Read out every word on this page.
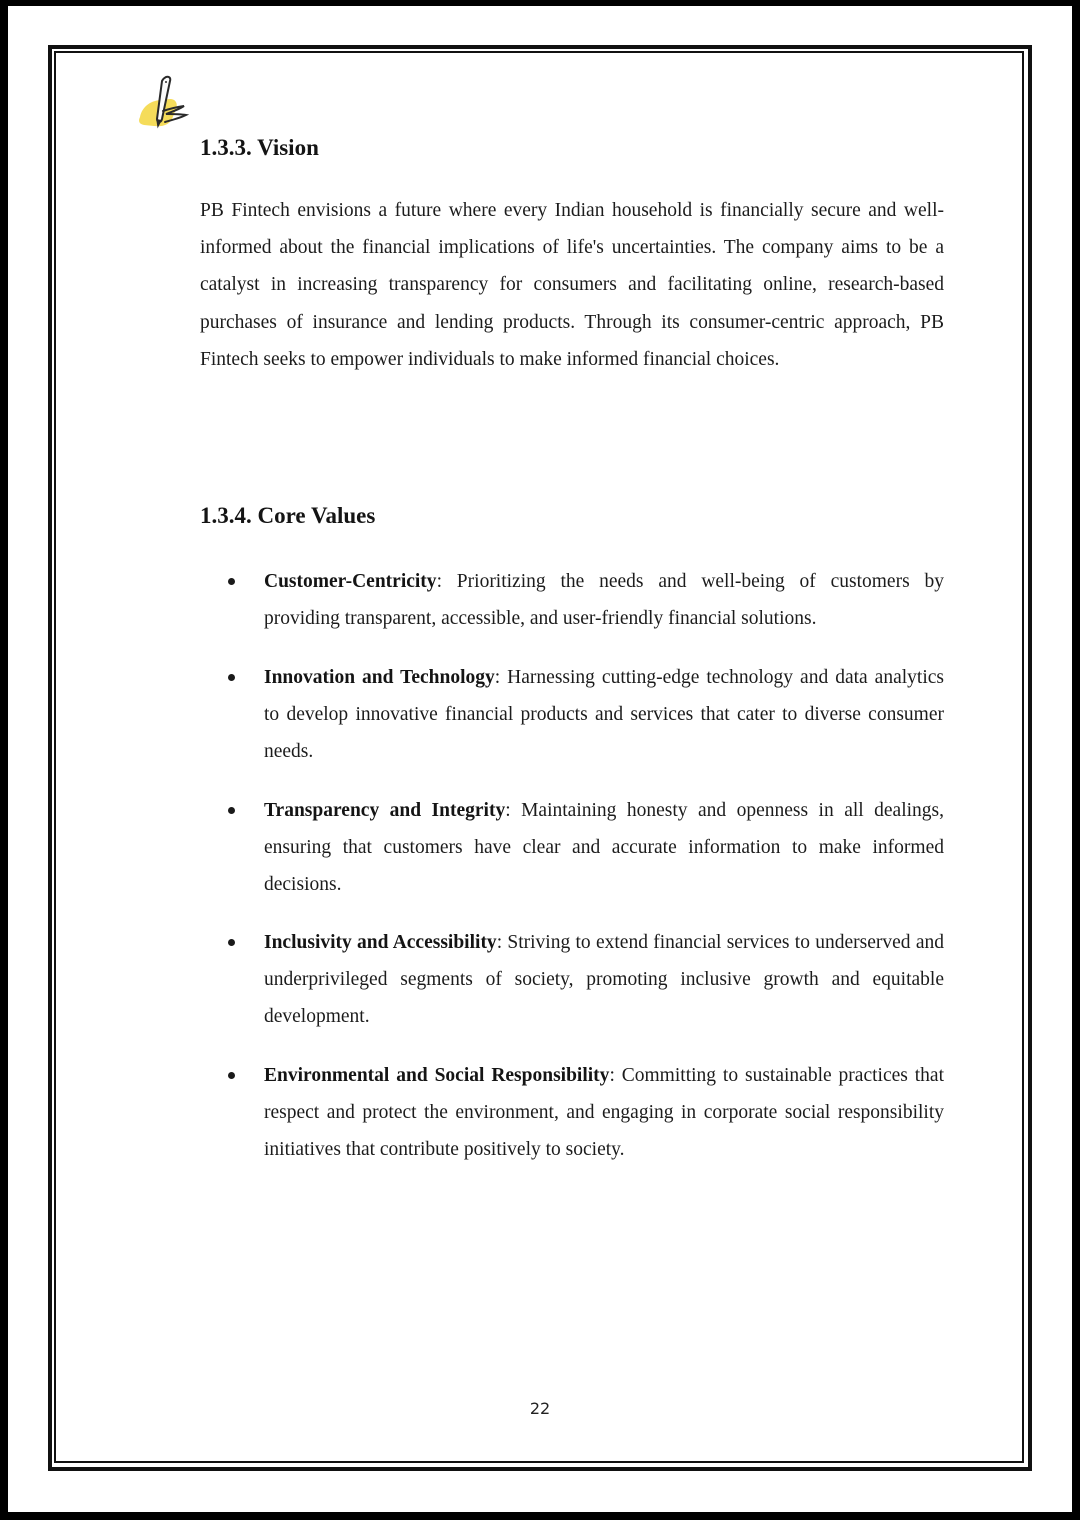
1.3.3. Vision

PB Fintech envisions a future where every Indian household is financially secure and well-informed about the financial implications of life's uncertainties. The company aims to be a catalyst in increasing transparency for consumers and facilitating online, research-based purchases of insurance and lending products. Through its consumer-centric approach, PB Fintech seeks to empower individuals to make informed financial choices.

1.3.4. Core Values

Customer-Centricity: Prioritizing the needs and well-being of customers by providing transparent, accessible, and user-friendly financial solutions.

Innovation and Technology: Harnessing cutting-edge technology and data analytics to develop innovative financial products and services that cater to diverse consumer needs.

Transparency and Integrity: Maintaining honesty and openness in all dealings, ensuring that customers have clear and accurate information to make informed decisions.

Inclusivity and Accessibility: Striving to extend financial services to underserved and underprivileged segments of society, promoting inclusive growth and equitable development.

Environmental and Social Responsibility: Committing to sustainable practices that respect and protect the environment, and engaging in corporate social responsibility initiatives that contribute positively to society.

22
